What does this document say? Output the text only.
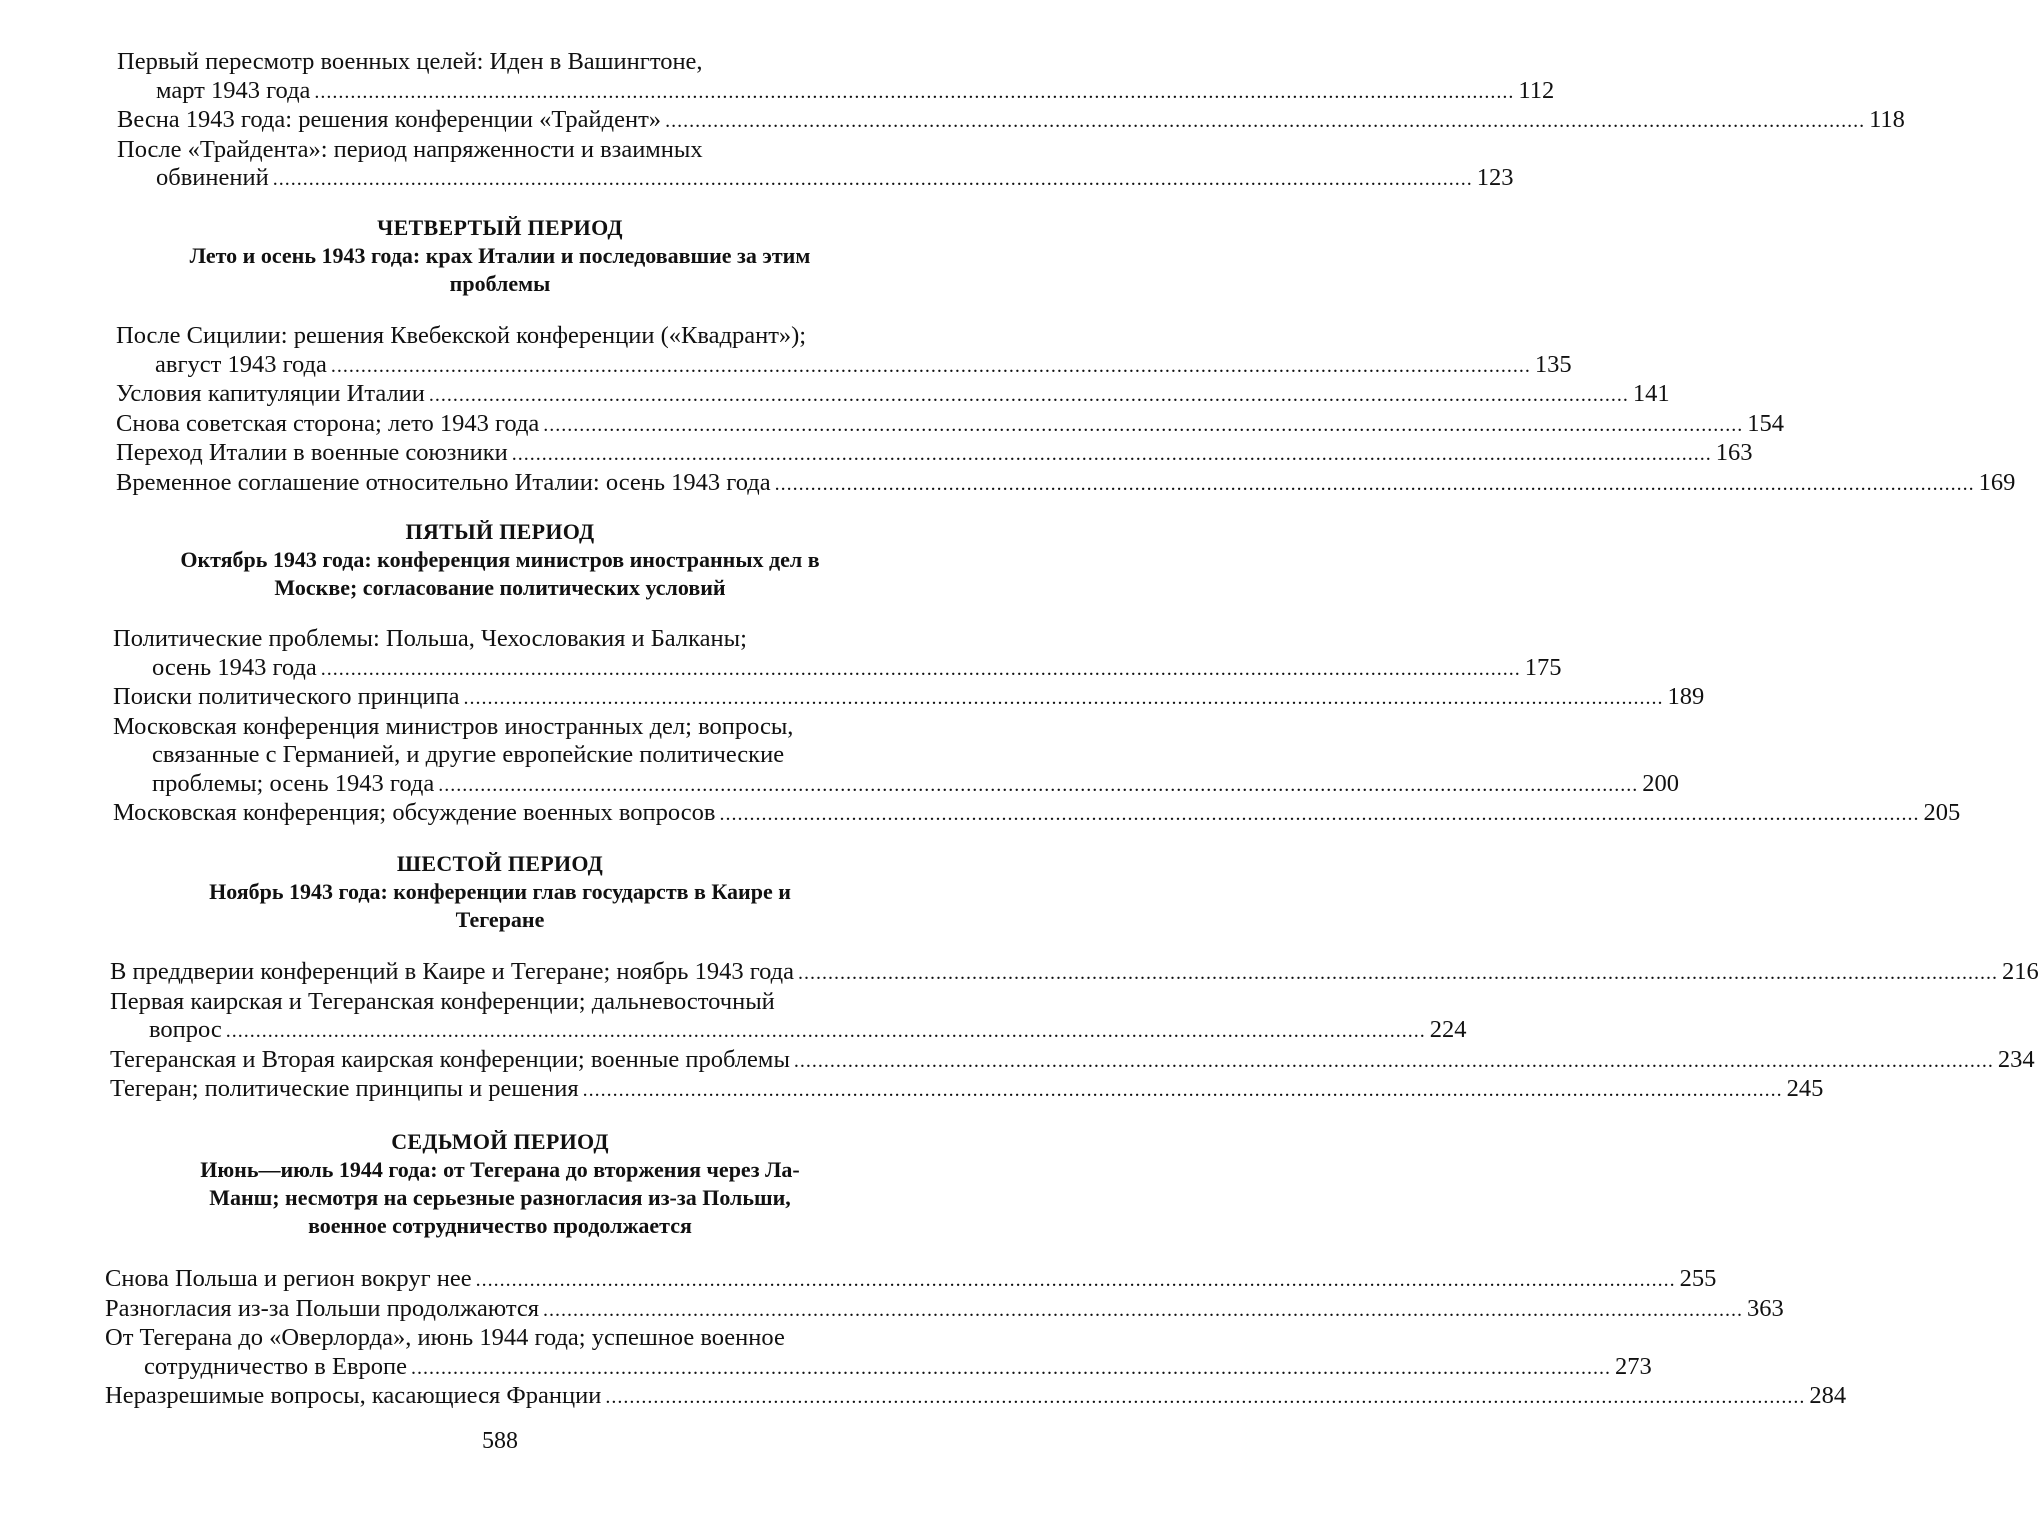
Первый пересмотр военных целей: Иден в Вашингтоне,
март 1943 года ........................................................................................................................................................................................................ 112
Весна 1943 года: решения конференции «Трайдент» ........................................................................................................................................................................................................ 118
После «Трайдента»: период напряженности и взаимных
обвинений ........................................................................................................................................................................................................ 123
ЧЕТВЕРТЫЙ ПЕРИОД
Лето и осень 1943 года: крах Италии и последовавшие за этим
проблемы
После Сицилии: решения Квебекской конференции («Квадрант»);
август 1943 года ........................................................................................................................................................................................................ 135
Условия капитуляции Италии ........................................................................................................................................................................................................ 141
Снова советская сторона; лето 1943 года ........................................................................................................................................................................................................ 154
Переход Италии в военные союзники ........................................................................................................................................................................................................ 163
Временное соглашение относительно Италии: осень 1943 года ........................................................................................................................................................................................................ 169
ПЯТЫЙ ПЕРИОД
Октябрь 1943 года: конференция министров иностранных дел в
Москве; согласование политических условий
Политические проблемы: Польша, Чехословакия и Балканы;
осень 1943 года ........................................................................................................................................................................................................ 175
Поиски политического принципа ........................................................................................................................................................................................................ 189
Московская конференция министров иностранных дел; вопросы,
связанные с Германией, и другие европейские политические
проблемы; осень 1943 года ........................................................................................................................................................................................................ 200
Московская конференция; обсуждение военных вопросов ........................................................................................................................................................................................................ 205
ШЕСТОЙ ПЕРИОД
Ноябрь 1943 года: конференции глав государств в Каире и
Тегеране
В преддверии конференций в Каире и Тегеране; ноябрь 1943 года ........................................................................................................................................................................................................ 216
Первая каирская и Тегеранская конференции; дальневосточный
вопрос ........................................................................................................................................................................................................ 224
Тегеранская и Вторая каирская конференции; военные проблемы ........................................................................................................................................................................................................ 234
Тегеран; политические принципы и решения ........................................................................................................................................................................................................ 245
СЕДЬМОЙ ПЕРИОД
Июнь—июль 1944 года: от Тегерана до вторжения через Ла-
Манш; несмотря на серьезные разногласия из-за Польши,
военное сотрудничество продолжается
Снова Польша и регион вокруг нее ........................................................................................................................................................................................................ 255
Разногласия из-за Польши продолжаются ........................................................................................................................................................................................................ 363
От Тегерана до «Оверлорда», июнь 1944 года; успешное военное
сотрудничество в Европе ........................................................................................................................................................................................................ 273
Неразрешимые вопросы, касающиеся Франции ........................................................................................................................................................................................................ 284
588
